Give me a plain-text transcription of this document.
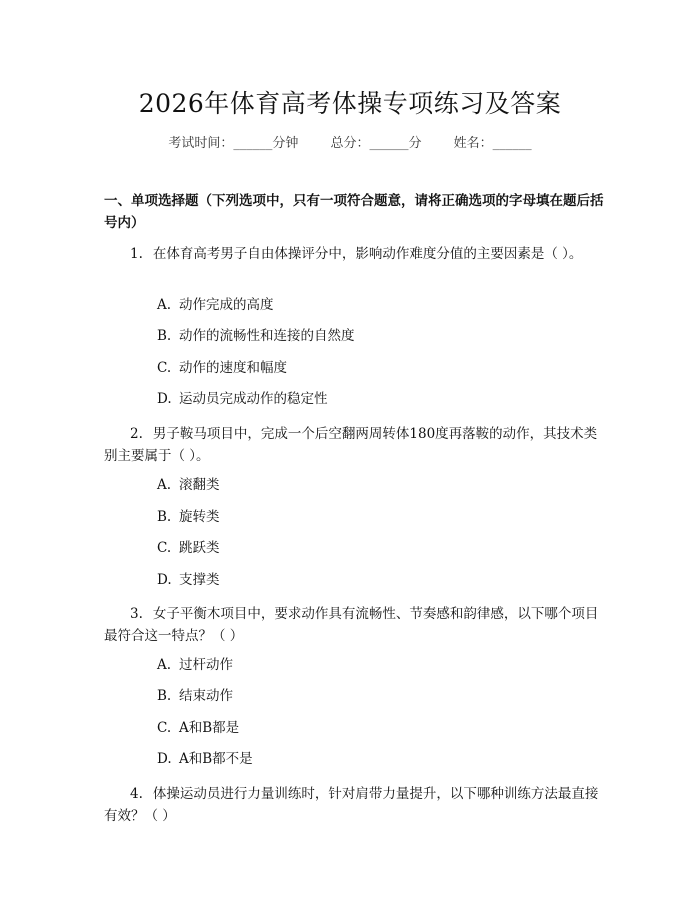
2026年体育高考体操专项练习及答案
考试时间：______分钟 总分：______分 姓名：______
一、单项选择题（下列选项中，只有一项符合题意，请将正确选项的字母填在题后括号内）
1. 在体育高考男子自由体操评分中，影响动作难度分值的主要因素是（ ）。
A. 动作完成的高度
B. 动作的流畅性和连接的自然度
C. 动作的速度和幅度
D. 运动员完成动作的稳定性
2. 男子鞍马项目中，完成一个后空翻两周转体180度再落鞍的动作，其技术类别主要属于（ ）。
A. 滚翻类
B. 旋转类
C. 跳跃类
D. 支撑类
3. 女子平衡木项目中，要求动作具有流畅性、节奏感和韵律感，以下哪个项目最符合这一特点？（ ）
A. 过杆动作
B. 结束动作
C. A和B都是
D. A和B都不是
4. 体操运动员进行力量训练时，针对肩带力量提升，以下哪种训练方法最直接有效？（ ）
